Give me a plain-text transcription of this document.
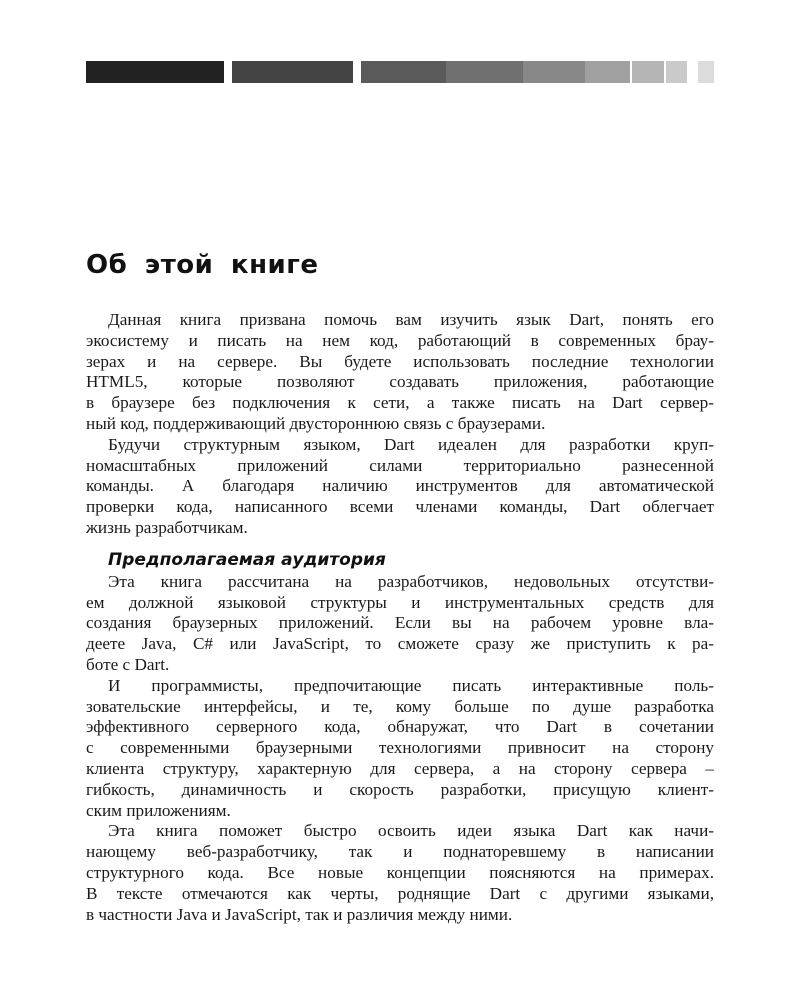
Об этой книге
Данная книга призвана помочь вам изучить язык Dart, понять его
экосистему и писать на нем код, работающий в современных брау-
зерах и на сервере. Вы будете использовать последние технологии
HTML5, которые позволяют создавать приложения, работающие
в браузере без подключения к сети, а также писать на Dart сервер-
ный код, поддерживающий двустороннюю связь с браузерами.
Будучи структурным языком, Dart идеален для разработки круп-
номасштабных приложений силами территориально разнесенной
команды. А благодаря наличию инструментов для автоматической
проверки кода, написанного всеми членами команды, Dart облегчает
жизнь разработчикам.
Предполагаемая аудитория
Эта книга рассчитана на разработчиков, недовольных отсутстви-
ем должной языковой структуры и инструментальных средств для
создания браузерных приложений. Если вы на рабочем уровне вла-
деете Java, C# или JavaScript, то сможете сразу же приступить к ра-
боте с Dart.
И программисты, предпочитающие писать интерактивные поль-
зовательские интерфейсы, и те, кому больше по душе разработка
эффективного серверного кода, обнаружат, что Dart в сочетании
с современными браузерными технологиями привносит на сторону
клиента структуру, характерную для сервера, а на сторону сервера –
гибкость, динамичность и скорость разработки, присущую клиент-
ским приложениям.
Эта книга поможет быстро освоить идеи языка Dart как начи-
нающему веб-разработчику, так и поднаторевшему в написании
структурного кода. Все новые концепции поясняются на примерах.
В тексте отмечаются как черты, роднящие Dart с другими языками,
в частности Java и JavaScript, так и различия между ними.
